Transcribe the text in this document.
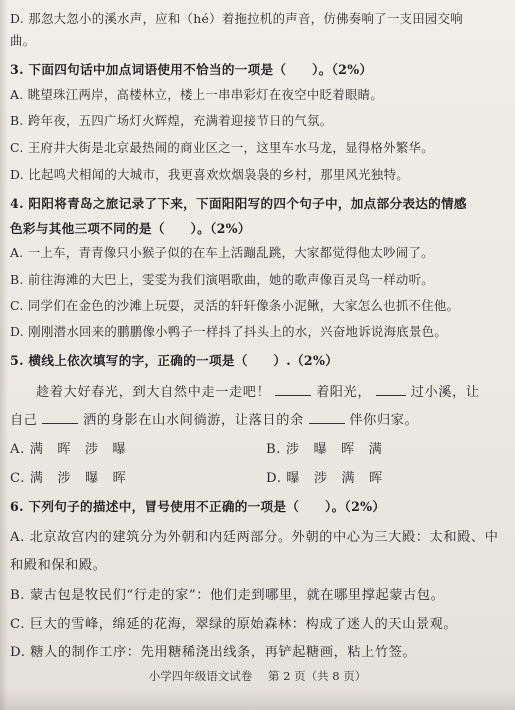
D. 那忽大忽小的溪水声，应和（hé）着拖拉机的声音，仿佛奏响了一支田园交响
曲。
3. 下面四句话中加点词语使用不恰当的一项是（　　）。（2%）
A. 眺望珠江两岸，高楼林立，楼上一串串彩灯在夜空中眨着眼睛。
B. 跨年夜，五四广场灯火辉煌，充满着迎接节日的气氛。
C. 王府井大街是北京最热闹的商业区之一，这里车水马龙，显得格外繁华。
D. 比起鸣犬相闻的大城市，我更喜欢炊烟袅袅的乡村，那里风光独特。
4. 阳阳将青岛之旅记录了下来，下面阳阳写的四个句子中，加点部分表达的情感
色彩与其他三项不同的是（　　）。（2%）
A. 一上车，青青像只小猴子似的在车上活蹦乱跳，大家都觉得他太吵闹了。
B. 前往海滩的大巴上，雯雯为我们演唱歌曲，她的歌声像百灵鸟一样动听。
C. 同学们在金色的沙滩上玩耍，灵活的轩轩像条小泥鳅，大家怎么也抓不住他。
D. 刚刚潜水回来的鹏鹏像小鸭子一样抖了抖头上的水，兴奋地诉说海底景色。
5. 横线上依次填写的字，正确的一项是（　　）.（2%）
趁着大好春光，到大自然中走一走吧！	着阳光，	过小溪，让
自己	洒的身影在山水间徜游，让落日的余	伴你归家。
A. 满　晖　涉　曝	B. 涉　曝　晖　满
C. 满　涉　曝　晖	D. 曝　涉　满　晖
6. 下列句子的描述中，冒号使用不正确的一项是（　　）。（2%）
A. 北京故宫内的建筑分为外朝和内廷两部分。外朝的中心为三大殿：太和殿、中
和殿和保和殿。
B. 蒙古包是牧民们“行走的家”：他们走到哪里，就在哪里撑起蒙古包。
C. 巨大的雪峰，绵延的花海，翠绿的原始森林：构成了迷人的天山景观。
D. 糖人的制作工序：先用糖稀浇出线条，再铲起糖画，粘上竹签。
小学四年级语文试卷 第 2 页（共 8 页）
